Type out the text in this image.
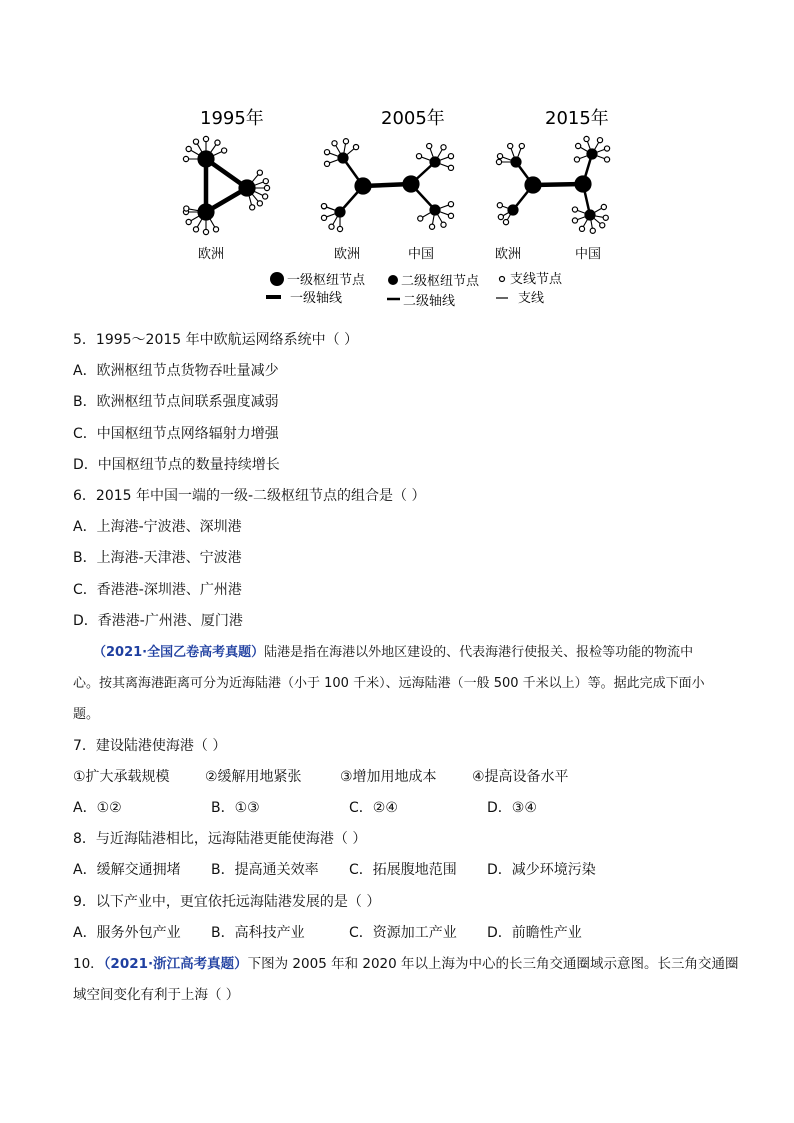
1995年	2005年	2015年
欧洲	欧洲	中国	欧洲	中国
一级枢纽节点	二级枢纽节点 支线节点
一级轴线	二级轴线	支线
5．1995～2015 年中欧航运网络系统中（ ）
A．欧洲枢纽节点货物吞吐量减少
B．欧洲枢纽节点间联系强度减弱
C．中国枢纽节点网络辐射力增强
D．中国枢纽节点的数量持续增长
6．2015 年中国一端的一级-二级枢纽节点的组合是（ ）
A．上海港-宁波港、深圳港
B．上海港-天津港、宁波港
C．香港港-深圳港、广州港
D．香港港-广州港、厦门港
（2021·全国乙卷高考真题）陆港是指在海港以外地区建设的、代表海港行使报关、报检等功能的物流中
心。按其离海港距离可分为近海陆港（小于 100 千米）、远海陆港（一般 500 千米以上）等。据此完成下面小
题。
7．建设陆港使海港（ ）
①扩大承载规模	②缓解用地紧张	③增加用地成本	④提高设备水平
A．①②	B．①③	C．②④	D．③④
8．与近海陆港相比，远海陆港更能使海港（ ）
A．缓解交通拥堵 B．提高通关效率 C．拓展腹地范围 D．减少环境污染
9．以下产业中，更宜依托远海陆港发展的是（ ）
A．服务外包产业 B．高科技产业	C．资源加工产业 D．前瞻性产业
10．（2021·浙江高考真题）下图为 2005 年和 2020 年以上海为中心的长三角交通圈域示意图。长三角交通圈
域空间变化有利于上海（ ）
